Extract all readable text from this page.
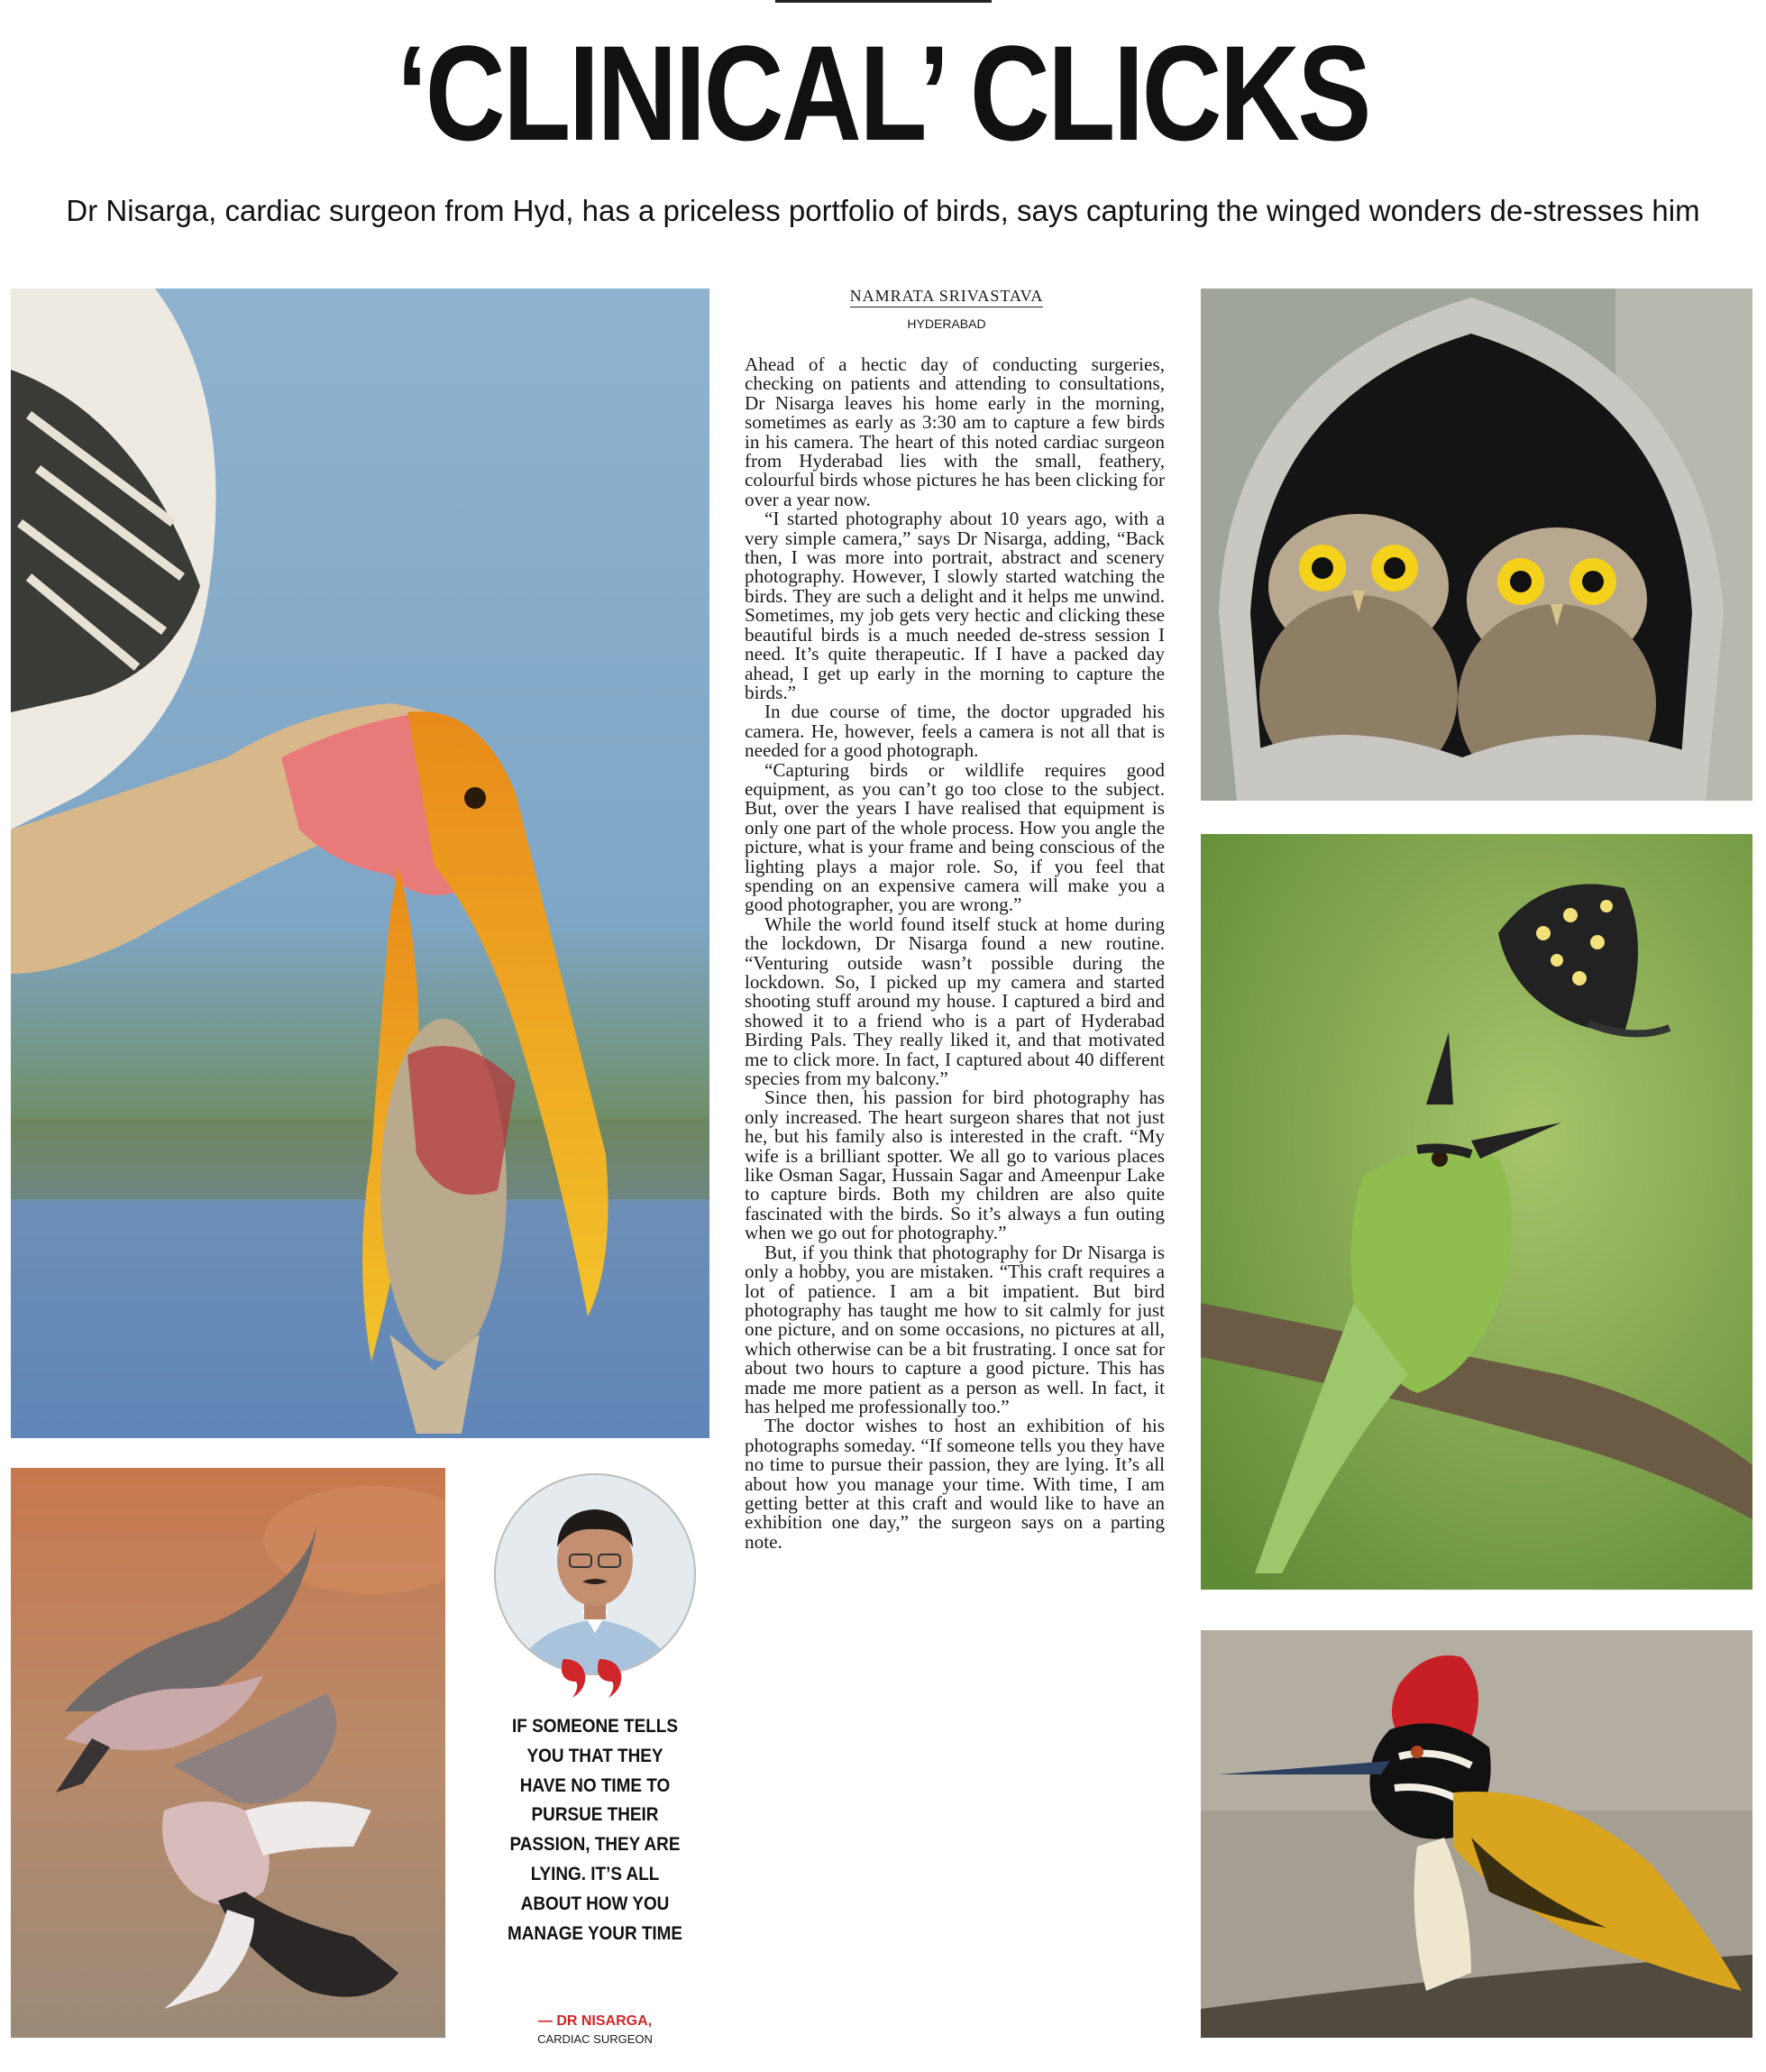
‘CLINICAL’ CLICKS
Dr Nisarga, cardiac surgeon from Hyd, has a priceless portfolio of birds, says capturing the winged wonders de-stresses him
NAMRATA SRIVASTAVA
HYDERABAD

Ahead of a hectic day of conducting surgeries, checking on patients and attending to consultations, Dr Nisarga leaves his home early in the morning, sometimes as early as 3:30 am to capture a few birds in his camera. The heart of this noted cardiac surgeon from Hyderabad lies with the small, feathery, colourful birds whose pictures he has been clicking for over a year now.

“I started photography about 10 years ago, with a very simple camera,” says Dr Nisarga, adding, “Back then, I was more into portrait, abstract and scenery photography. However, I slowly started watching the birds. They are such a delight and it helps me unwind. Sometimes, my job gets very hectic and clicking these beautiful birds is a much needed de-stress session I need. It’s quite therapeutic. If I have a packed day ahead, I get up early in the morning to capture the birds.”

In due course of time, the doctor upgraded his camera. He, however, feels a camera is not all that is needed for a good photograph.

“Capturing birds or wildlife requires good equipment, as you can’t go too close to the subject. But, over the years I have realised that equipment is only one part of the whole process. How you angle the picture, what is your frame and being conscious of the lighting plays a major role. So, if you feel that spending on an expensive camera will make you a good photographer, you are wrong.”

While the world found itself stuck at home during the lockdown, Dr Nisarga found a new routine. “Venturing outside wasn’t possible during the lockdown. So, I picked up my camera and started shooting stuff around my house. I captured a bird and showed it to a friend who is a part of Hyderabad Birding Pals. They really liked it, and that motivated me to click more. In fact, I captured about 40 different species from my balcony.”

Since then, his passion for bird photography has only increased. The heart surgeon shares that not just he, but his family also is interested in the craft. “My wife is a brilliant spotter. We all go to various places like Osman Sagar, Hussain Sagar and Ameenpur Lake to capture birds. Both my children are also quite fascinated with the birds. So it’s always a fun outing when we go out for photography.”

But, if you think that photography for Dr Nisarga is only a hobby, you are mistaken. “This craft requires a lot of patience. I am a bit impatient. But bird photography has taught me how to sit calmly for just one picture, and on some occasions, no pictures at all, which otherwise can be a bit frustrating. I once sat for about two hours to capture a good picture. This has made me more patient as a person as well. In fact, it has helped me professionally too.”

The doctor wishes to host an exhibition of his photographs someday. “If someone tells you they have no time to pursue their passion, they are lying. It’s all about how you manage your time. With time, I am getting better at this craft and would like to have an exhibition one day,” the surgeon says on a parting note.

IF SOMEONE TELLS YOU THAT THEY HAVE NO TIME TO PURSUE THEIR PASSION, THEY ARE LYING. IT’S ALL ABOUT HOW YOU MANAGE YOUR TIME
— DR NISARGA,
CARDIAC SURGEON
